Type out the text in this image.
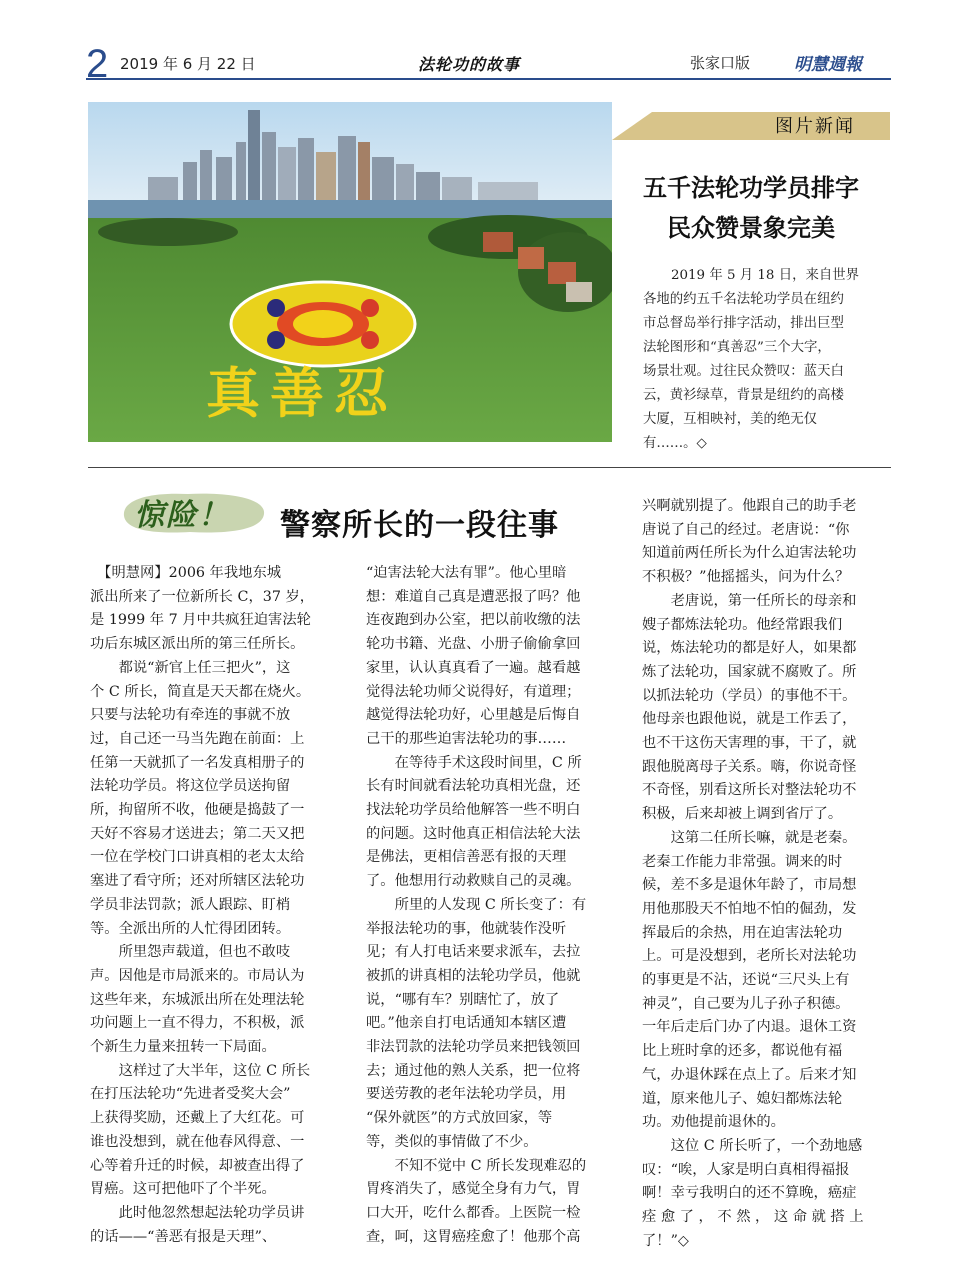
2 2019 年 6 月 22 日	法轮功的故事	张家口版	明慧週報
真善忍
图片新闻
五千法轮功学员排字
民众赞景象完美
2019 年 5 月 18 日，来自世界
各地的约五千名法轮功学员在纽约
市总督岛举行排字活动，排出巨型
法轮图形和“真善忍”三个大字，
场景壮观。过往民众赞叹：蓝天白
云，黄衫绿草，背景是纽约的高楼
大厦，互相映衬，美的绝无仅
有……。◇
惊险！ 警察所长的一段往事
　【明慧网】2006 年我地东城
派出所来了一位新所长 C，37 岁，
是 1999 年 7 月中共疯狂迫害法轮
功后东城区派出所的第三任所长。
　　都说“新官上任三把火”，这
个 C 所长，简直是天天都在烧火。
只要与法轮功有牵连的事就不放
过，自己还一马当先跑在前面：上
任第一天就抓了一名发真相册子的
法轮功学员。将这位学员送拘留
所，拘留所不收，他硬是捣鼓了一
天好不容易才送进去；第二天又把
一位在学校门口讲真相的老太太给
塞进了看守所；还对所辖区法轮功
学员非法罚款；派人跟踪、盯梢
等。全派出所的人忙得团团转。
　　所里怨声载道，但也不敢吱
声。因他是市局派来的。市局认为
这些年来，东城派出所在处理法轮
功问题上一直不得力，不积极，派
个新生力量来扭转一下局面。
　　这样过了大半年，这位 C 所长
在打压法轮功“先进者受奖大会”
上获得奖励，还戴上了大红花。可
谁也没想到，就在他春风得意、一
心等着升迁的时候，却被查出得了
胃癌。这可把他吓了个半死。
　　此时他忽然想起法轮功学员讲
的话——“善恶有报是天理”、
“迫害法轮大法有罪”。他心里暗
想：难道自己真是遭恶报了吗？他
连夜跑到办公室，把以前收缴的法
轮功书籍、光盘、小册子偷偷拿回
家里，认认真真看了一遍。越看越
觉得法轮功师父说得好，有道理；
越觉得法轮功好，心里越是后悔自
己干的那些迫害法轮功的事……
　　在等待手术这段时间里，C 所
长有时间就看法轮功真相光盘，还
找法轮功学员给他解答一些不明白
的问题。这时他真正相信法轮大法
是佛法，更相信善恶有报的天理
了。他想用行动救赎自己的灵魂。
　　所里的人发现 C 所长变了：有
举报法轮功的事，他就装作没听
见；有人打电话来要求派车，去拉
被抓的讲真相的法轮功学员，他就
说，“哪有车？别瞎忙了，放了
吧。”他亲自打电话通知本辖区遭
非法罚款的法轮功学员来把钱领回
去；通过他的熟人关系，把一位将
要送劳教的老年法轮功学员，用
“保外就医”的方式放回家，等
等，类似的事情做了不少。
　　不知不觉中 C 所长发现难忍的
胃疼消失了，感觉全身有力气，胃
口大开，吃什么都香。上医院一检
查，呵，这胃癌痊愈了！他那个高
兴啊就别提了。他跟自己的助手老
唐说了自己的经过。老唐说：“你
知道前两任所长为什么迫害法轮功
不积极？”他摇摇头，问为什么？
　　老唐说，第一任所长的母亲和
嫂子都炼法轮功。他经常跟我们
说，炼法轮功的都是好人，如果都
炼了法轮功，国家就不腐败了。所
以抓法轮功（学员）的事他不干。
他母亲也跟他说，就是工作丢了，
也不干这伤天害理的事，干了，就
跟他脱离母子关系。嗨，你说奇怪
不奇怪，别看这所长对整法轮功不
积极，后来却被上调到省厅了。
　　这第二任所长嘛，就是老秦。
老秦工作能力非常强。调来的时
候，差不多是退休年龄了，市局想
用他那股天不怕地不怕的倔劲，发
挥最后的余热，用在迫害法轮功
上。可是没想到，老所长对法轮功
的事更是不沾，还说“三尺头上有
神灵”，自己要为儿子孙子积德。
一年后走后门办了内退。退休工资
比上班时拿的还多，都说他有福
气，办退休踩在点上了。后来才知
道，原来他儿子、媳妇都炼法轮
功。劝他提前退休的。
　　这位 C 所长听了，一个劲地感
叹：“唉，人家是明白真相得福报
啊！幸亏我明白的还不算晚，癌症
痊 愈 了 ， 不 然 ， 这 命 就 搭 上
了！”◇
